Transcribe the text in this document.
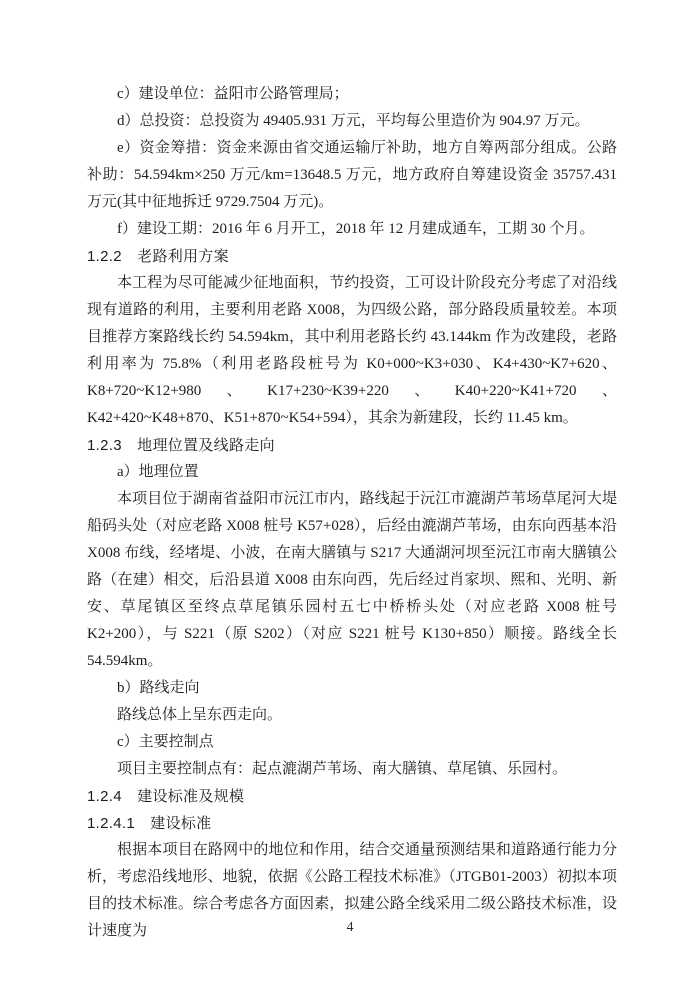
c）建设单位：益阳市公路管理局；

d）总投资：总投资为 49405.931 万元，平均每公里造价为 904.97 万元。

e）资金筹措：资金来源由省交通运输厅补助，地方自筹两部分组成。公路补助：54.594km×250 万元/km=13648.5 万元，地方政府自筹建设资金 35757.431 万元(其中征地拆迁 9729.7504 万元)。

f）建设工期：2016 年 6 月开工，2018 年 12 月建成通车，工期 30 个月。

1.2.2　老路利用方案

本工程为尽可能减少征地面积，节约投资，工可设计阶段充分考虑了对沿线现有道路的利用，主要利用老路 X008，为四级公路，部分路段质量较差。本项目推荐方案路线长约 54.594km，其中利用老路长约 43.144km 作为改建段，老路利用率为 75.8%（利用老路段桩号为 K0+000~K3+030、K4+430~K7+620、K8+720~K12+980、K17+230~K39+220、K40+220~K41+720、K42+420~K48+870、K51+870~K54+594），其余为新建段，长约 11.45 km。

1.2.3　地理位置及线路走向

a）地理位置

本项目位于湖南省益阳市沅江市内，路线起于沅江市漉湖芦苇场草尾河大堤船码头处（对应老路 X008 桩号 K57+028），后经由漉湖芦苇场，由东向西基本沿 X008 布线，经堵堤、小波，在南大膳镇与 S217 大通湖河坝至沅江市南大膳镇公路（在建）相交，后沿县道 X008 由东向西，先后经过肖家坝、熙和、光明、新安、草尾镇区至终点草尾镇乐园村五七中桥桥头处（对应老路 X008 桩号 K2+200），与 S221（原 S202）（对应 S221 桩号 K130+850）顺接。路线全长 54.594km。

b）路线走向

路线总体上呈东西走向。

c）主要控制点

项目主要控制点有：起点漉湖芦苇场、南大膳镇、草尾镇、乐园村。

1.2.4　建设标准及规模
1.2.4.1　建设标准

根据本项目在路网中的地位和作用，结合交通量预测结果和道路通行能力分析，考虑沿线地形、地貌，依据《公路工程技术标准》（JTGB01-2003）初拟本项目的技术标准。综合考虑各方面因素，拟建公路全线采用二级公路技术标准，设计速度为	4
